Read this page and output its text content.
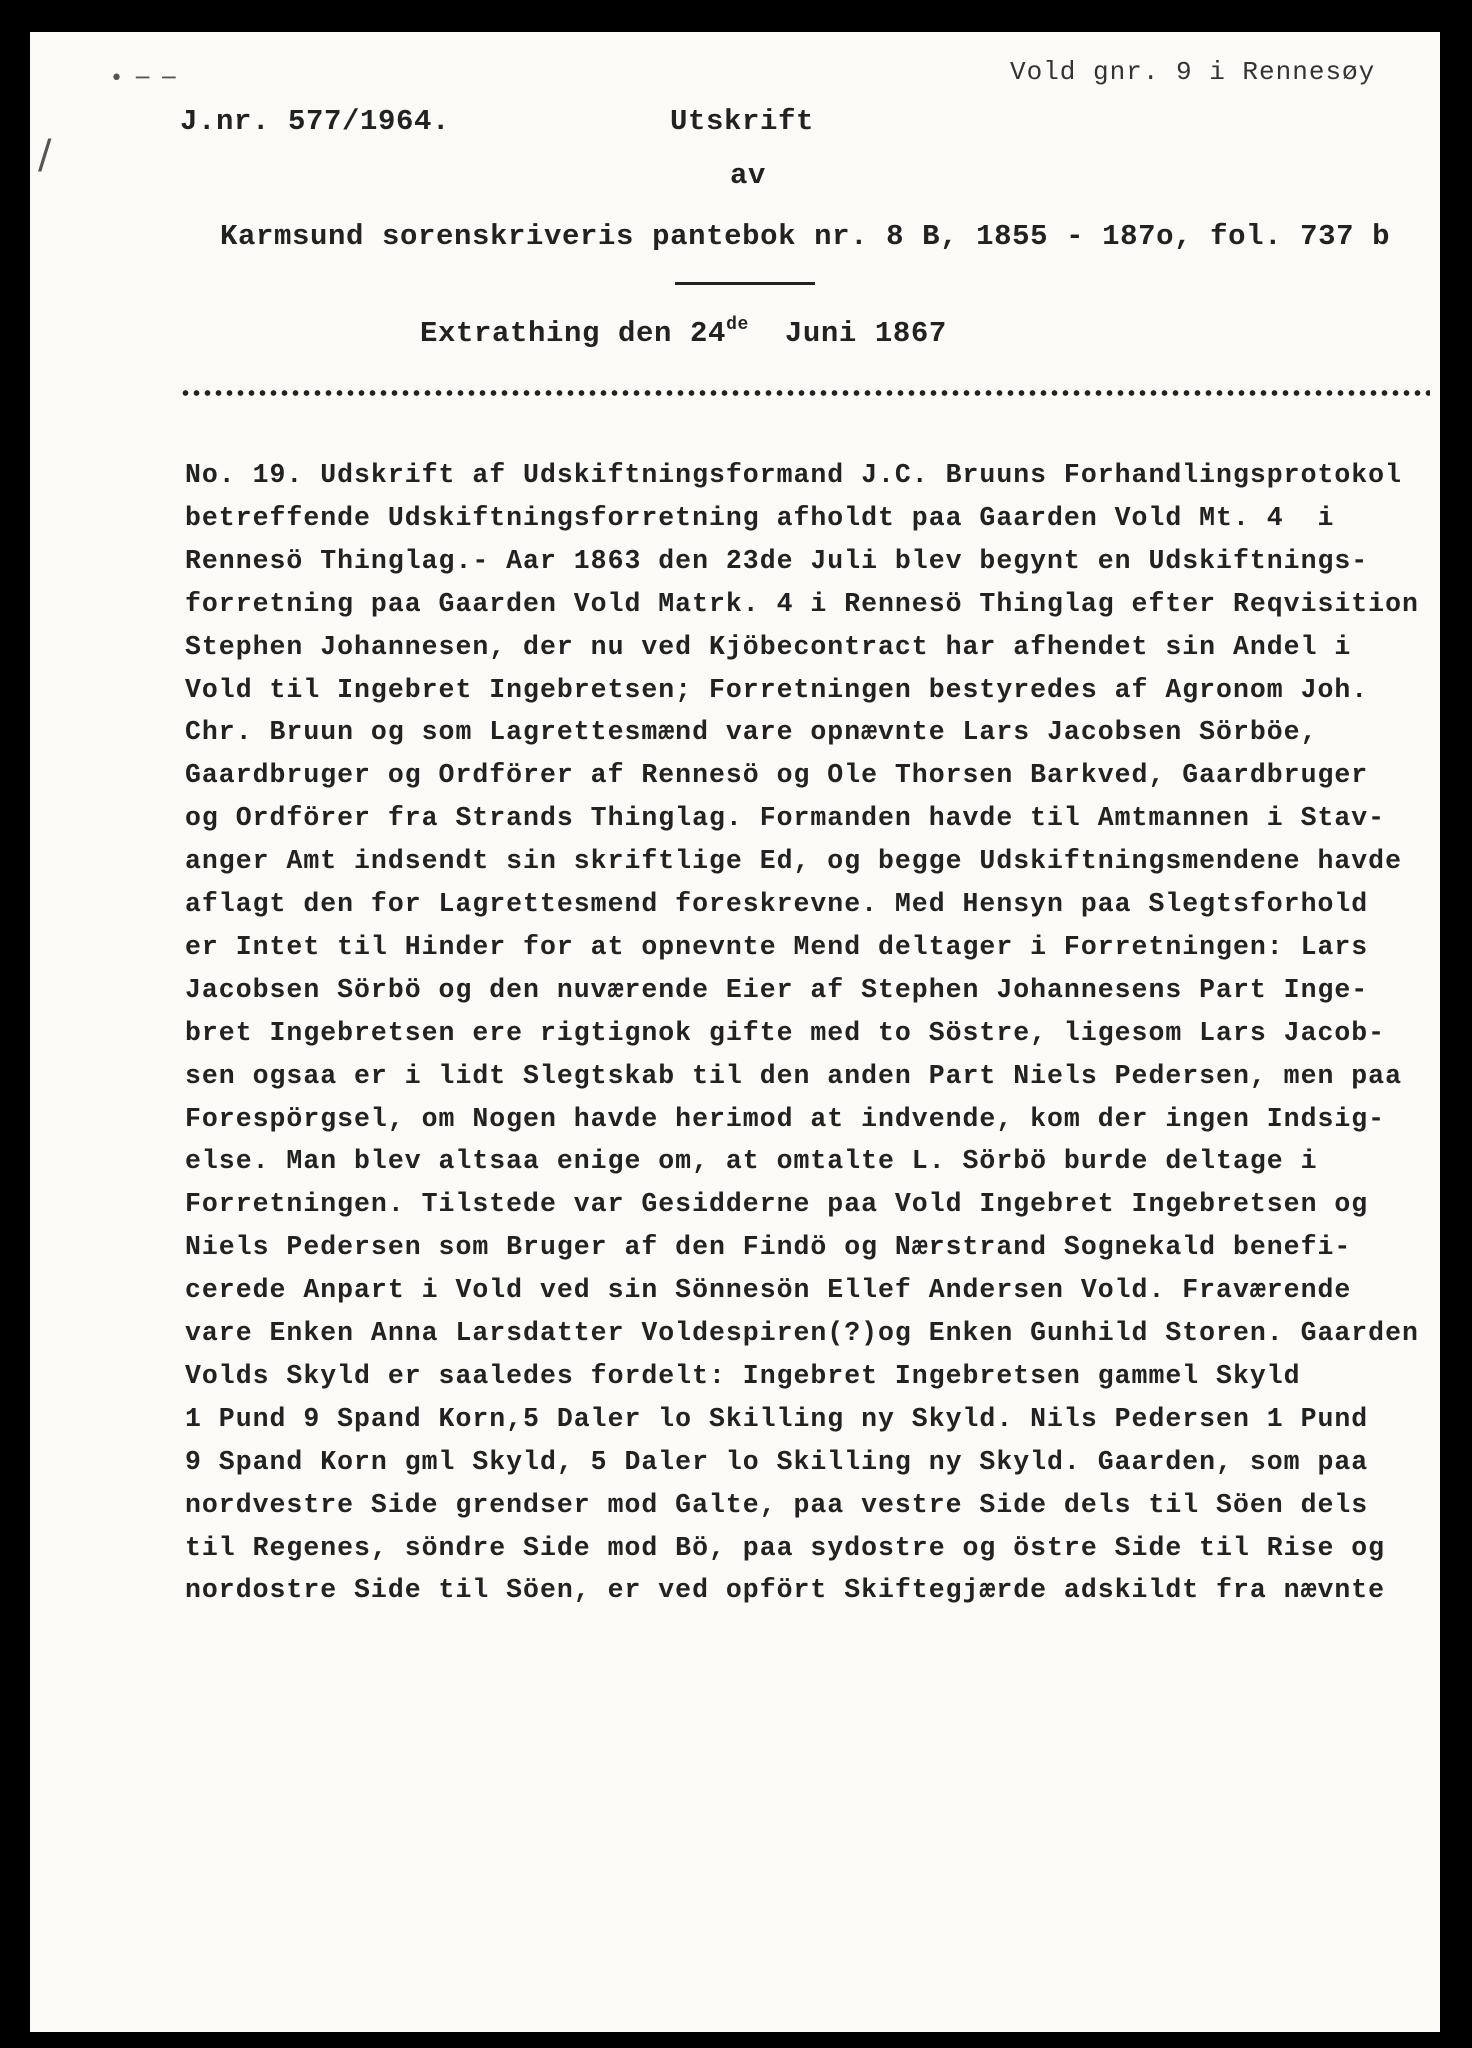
• ─ ─
/
Vold gnr. 9 i Rennesøy
J.nr. 577/1964.	Utskrift
av
Karmsund sorenskriveris pantebok nr. 8 B, 1855 - 187o, fol. 737 b
Extrathing den 24de  Juni 1867
No. 19. Udskrift af Udskiftningsformand J.C. Bruuns Forhandlingsprotokol
betreffende Udskiftningsforretning afholdt paa Gaarden Vold Mt. 4  i
Rennesö Thinglag.- Aar 1863 den 23de Juli blev begynt en Udskiftnings-
forretning paa Gaarden Vold Matrk. 4 i Rennesö Thinglag efter Reqvisition
Stephen Johannesen, der nu ved Kjöbecontract har afhendet sin Andel i
Vold til Ingebret Ingebretsen; Forretningen bestyredes af Agronom Joh.
Chr. Bruun og som Lagrettesmænd vare opnævnte Lars Jacobsen Sörböe,
Gaardbruger og Ordförer af Rennesö og Ole Thorsen Barkved, Gaardbruger
og Ordförer fra Strands Thinglag. Formanden havde til Amtmannen i Stav-
anger Amt indsendt sin skriftlige Ed, og begge Udskiftningsmendene havde
aflagt den for Lagrettesmend foreskrevne. Med Hensyn paa Slegtsforhold
er Intet til Hinder for at opnevnte Mend deltager i Forretningen: Lars
Jacobsen Sörbö og den nuværende Eier af Stephen Johannesens Part Inge-
bret Ingebretsen ere rigtignok gifte med to Söstre, ligesom Lars Jacob-
sen ogsaa er i lidt Slegtskab til den anden Part Niels Pedersen, men paa
Forespörgsel, om Nogen havde herimod at indvende, kom der ingen Indsig-
else. Man blev altsaa enige om, at omtalte L. Sörbö burde deltage i
Forretningen. Tilstede var Gesidderne paa Vold Ingebret Ingebretsen og
Niels Pedersen som Bruger af den Findö og Nærstrand Sognekald benefi-
cerede Anpart i Vold ved sin Sönnesön Ellef Andersen Vold. Fraværende
vare Enken Anna Larsdatter Voldespiren(?)og Enken Gunhild Storen. Gaarden
Volds Skyld er saaledes fordelt: Ingebret Ingebretsen gammel Skyld
1 Pund 9 Spand Korn,5 Daler lo Skilling ny Skyld. Nils Pedersen 1 Pund
9 Spand Korn gml Skyld, 5 Daler lo Skilling ny Skyld. Gaarden, som paa
nordvestre Side grendser mod Galte, paa vestre Side dels til Söen dels
til Regenes, söndre Side mod Bö, paa sydostre og östre Side til Rise og
nordostre Side til Söen, er ved opfört Skiftegjærde adskildt fra nævnte
